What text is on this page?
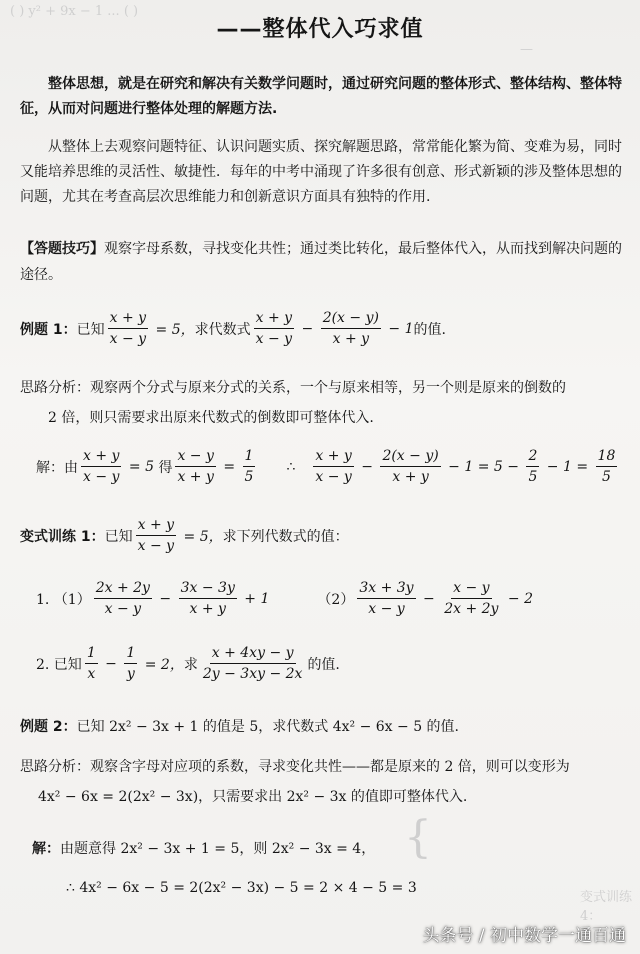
( ) y² + 9x − 1 ... ( )
—
{
变式训练4：
——整体代入巧求值
整体思想，就是在研究和解决有关数学问题时，通过研究问题的整体形式、整体结构、整体特征，从而对问题进行整体处理的解题方法.
从整体上去观察问题特征、认识问题实质、探究解题思路，常常能化繁为简、变难为易，同时又能培养思维的灵活性、敏捷性．每年的中考中涌现了许多很有创意、形式新颖的涉及整体思想的问题，尤其在考查高层次思维能力和创新意识方面具有独特的作用.
【答题技巧】观察字母系数，寻找变化共性；通过类比转化，最后整体代入，从而找到解决问题的途径。
例题 1： 已知 $\frac{x + y}{x - y} = 5$， 求代数式 $\frac{x + y}{x - y} - \frac{2(x - y)}{x + y} - 1$ 的值.
思路分析：观察两个分式与原来分式的关系，一个与原来相等，另一个则是原来的倒数的
2 倍，则只需要求出原来代数式的倒数即可整体代入.
解：由 $\frac{x + y}{x - y} = 5$ 得 $\frac{x - y}{x + y} = \frac{1}{5}$ ∴ $\frac{x + y}{x - y} - \frac{2(x - y)}{x + y} - 1 = 5 - \frac{2}{5} - 1 = \frac{18}{5}$
变式训练 1： 已知 $\frac{x + y}{x - y} = 5$， 求下列代数式的值：
1. $(1) \frac{2x + 2y}{x - y} - \frac{3x - 3y}{x + y} + 1$	$(2) \frac{3x + 3y}{x - y} - \frac{x - y}{2x + 2y} - 2$
2. 已知 $\frac{1}{x} - \frac{1}{y} = 2$， 求 $\frac{x + 4xy - y}{2y - 3xy - 2x}$ 的值.
例题 2： 已知 2x² − 3x + 1 的值是 5，求代数式 4x² − 6x − 5 的值.
思路分析：观察含字母对应项的系数，寻求变化共性——都是原来的 2 倍，则可以变形为
4x² − 6x = 2(2x² − 3x)，只需要求出 2x² − 3x 的值即可整体代入.
解： 由题意得 2x² − 3x + 1 = 5，则 2x² − 3x = 4，
∴ 4x² − 6x − 5 = 2(2x² − 3x) − 5 = 2 × 4 − 5 = 3
头条号 / 初中数学一通百通
